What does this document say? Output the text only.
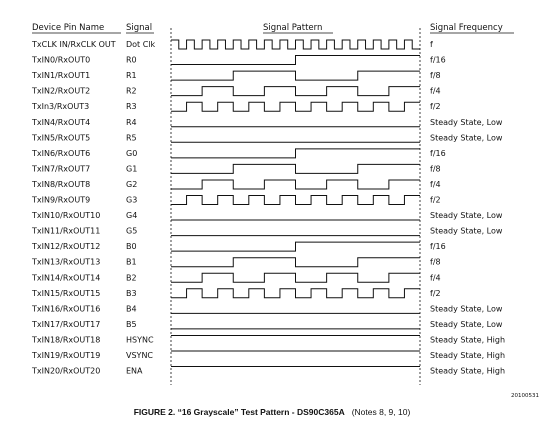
Device Pin Name	Signal	Signal Pattern	Signal Frequency
TxCLK IN/RxCLK OUT Dot Clk	f
TxIN0/RxOUT0	R0	f/16
TxIN1/RxOUT1	R1	f/8
TxIN2/RxOUT2	R2	f/4
TxIn3/RxOUT3	R3	f/2
TxIN4/RxOUT4	R4	Steady State, Low
TxIN5/RxOUT5	R5	Steady State, Low
TxIN6/RxOUT6	G0	f/16
TxIN7/RxOUT7	G1	f/8
TxIN8/RxOUT8	G2	f/4
TxIN9/RxOUT9	G3	f/2
TxIN10/RxOUT10	G4	Steady State, Low
TxIN11/RxOUT11	G5	Steady State, Low
TxIN12/RxOUT12	B0	f/16
TxIN13/RxOUT13	B1	f/8
TxIN14/RxOUT14	B2	f/4
TxIN15/RxOUT15	B3	f/2
TxIN16/RxOUT16	B4	Steady State, Low
TxIN17/RxOUT17	B5	Steady State, Low
TxIN18/RxOUT18	HSYNC	Steady State, High
TxIN19/RxOUT19	VSYNC	Steady State, High
TxIN20/RxOUT20	ENA	Steady State, High
20100531
FIGURE 2. “16 Grayscale” Test Pattern - DS90C365A (Notes 8, 9, 10)
